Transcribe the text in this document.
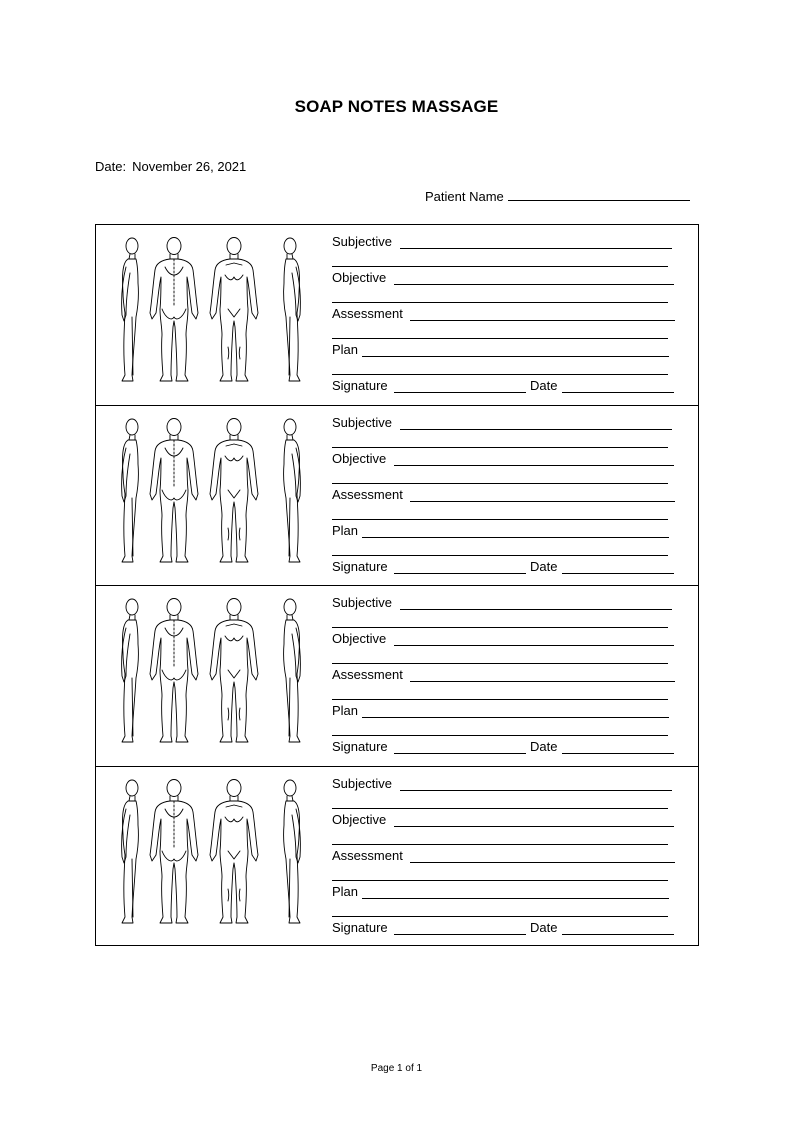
SOAP NOTES MASSAGE
Date: November 26, 2021
Patient Name
Subjective
Objective
Assessment
Plan
Signature	Date
Subjective
Objective
Assessment
Plan
Signature	Date
Subjective
Objective
Assessment
Plan
Signature	Date
Subjective
Objective
Assessment
Plan
Signature	Date
Page 1 of 1
